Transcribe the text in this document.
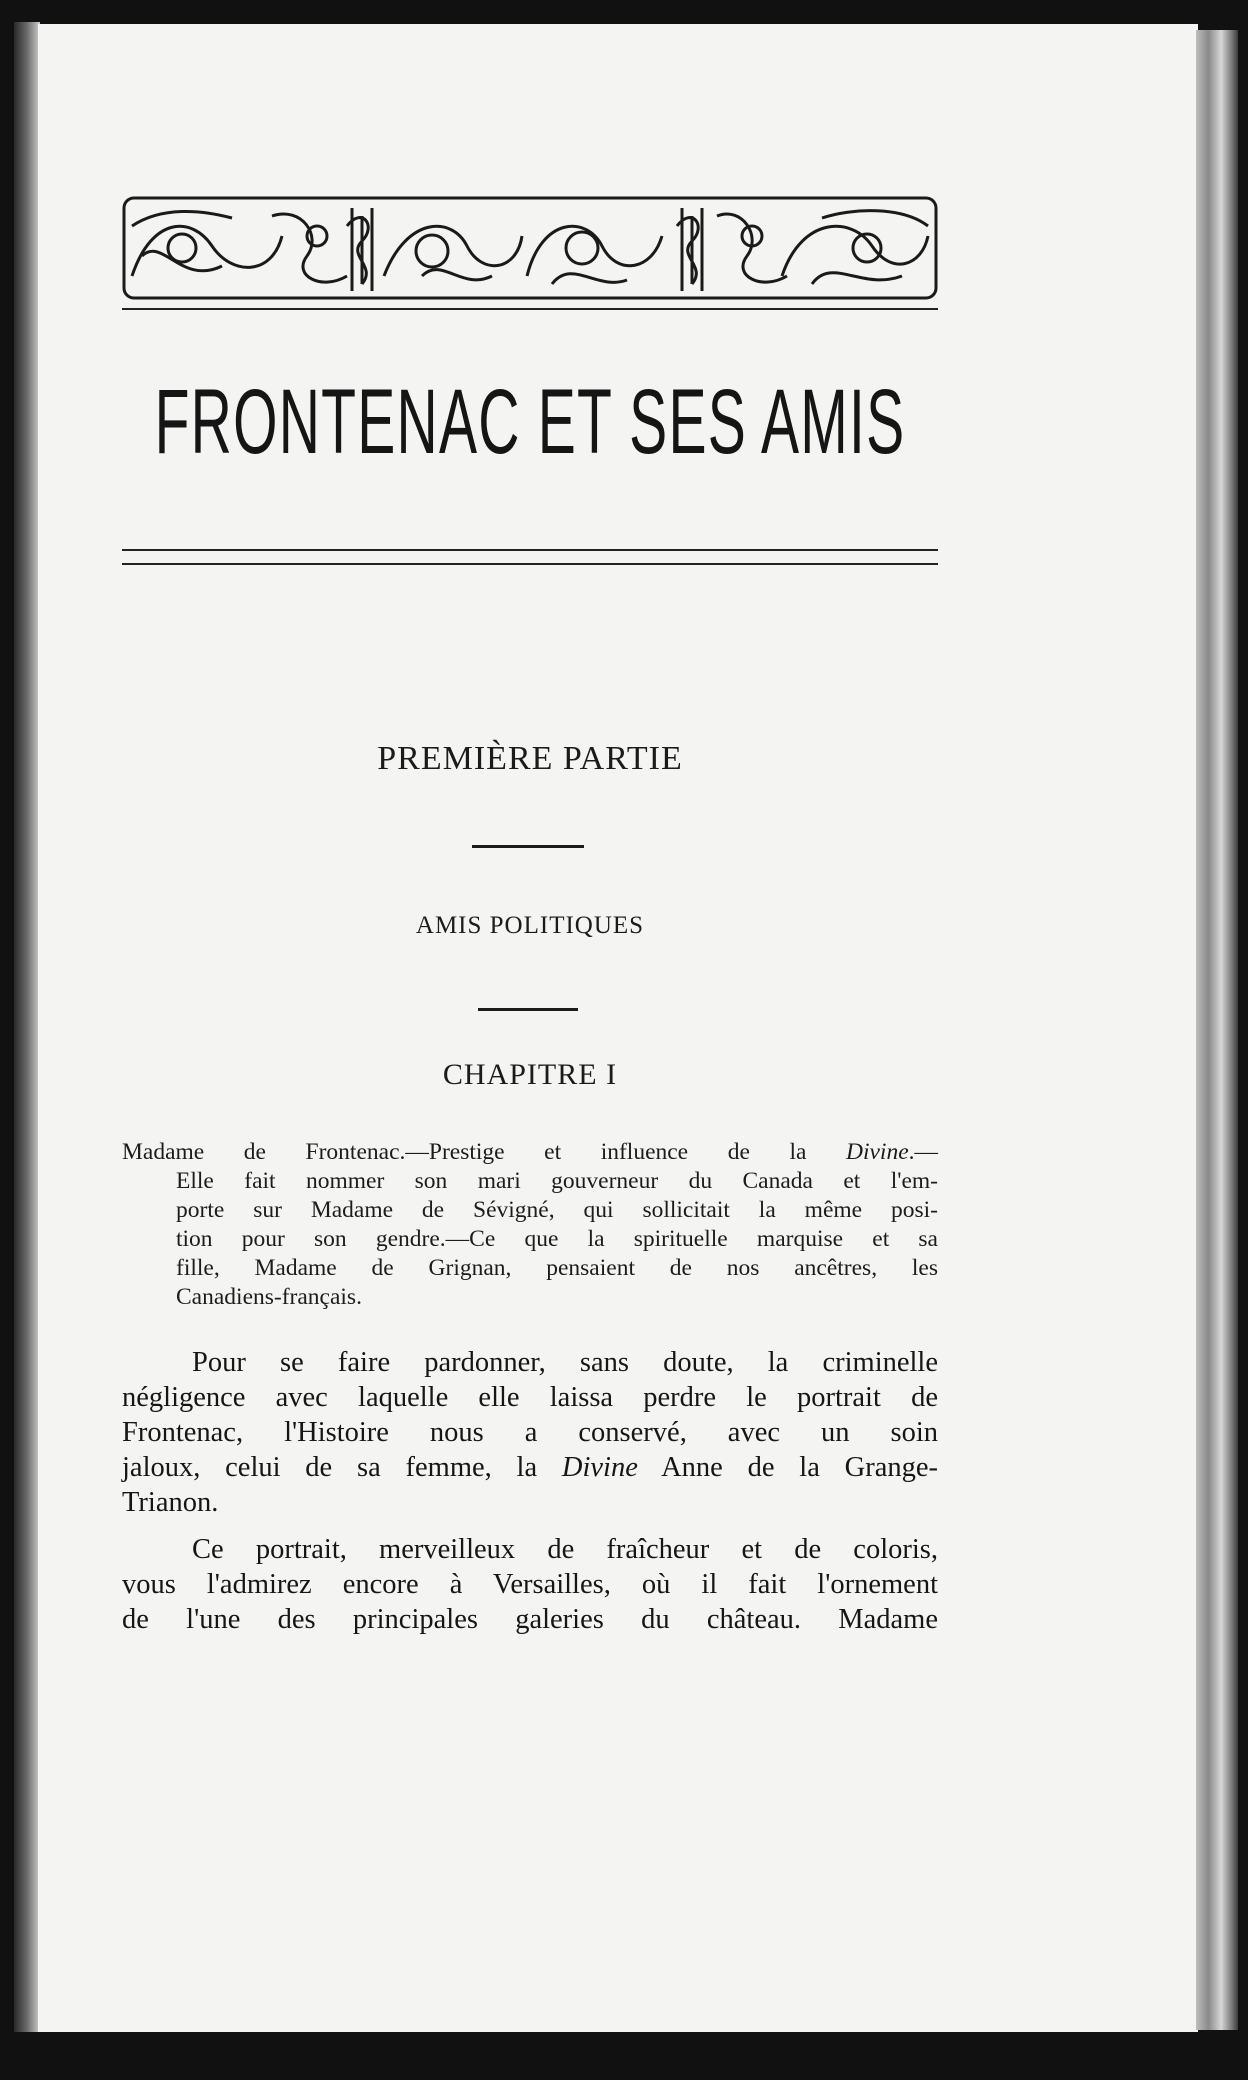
FRONTENAC ET SES AMIS
PREMIÈRE PARTIE
AMIS POLITIQUES
CHAPITRE I
Madame de Frontenac.—Prestige et influence de la Divine.—
Elle fait nommer son mari gouverneur du Canada et l'em-
porte sur Madame de Sévigné, qui sollicitait la même posi-
tion pour son gendre.—Ce que la spirituelle marquise et sa
fille, Madame de Grignan, pensaient de nos ancêtres, les
Canadiens-français.
Pour se faire pardonner, sans doute, la criminelle
négligence avec laquelle elle laissa perdre le portrait de
Frontenac, l'Histoire nous a conservé, avec un soin
jaloux, celui de sa femme, la Divine Anne de la Grange-
Trianon.
Ce portrait, merveilleux de fraîcheur et de coloris,
vous l'admirez encore à Versailles, où il fait l'ornement
de l'une des principales galeries du château. Madame
